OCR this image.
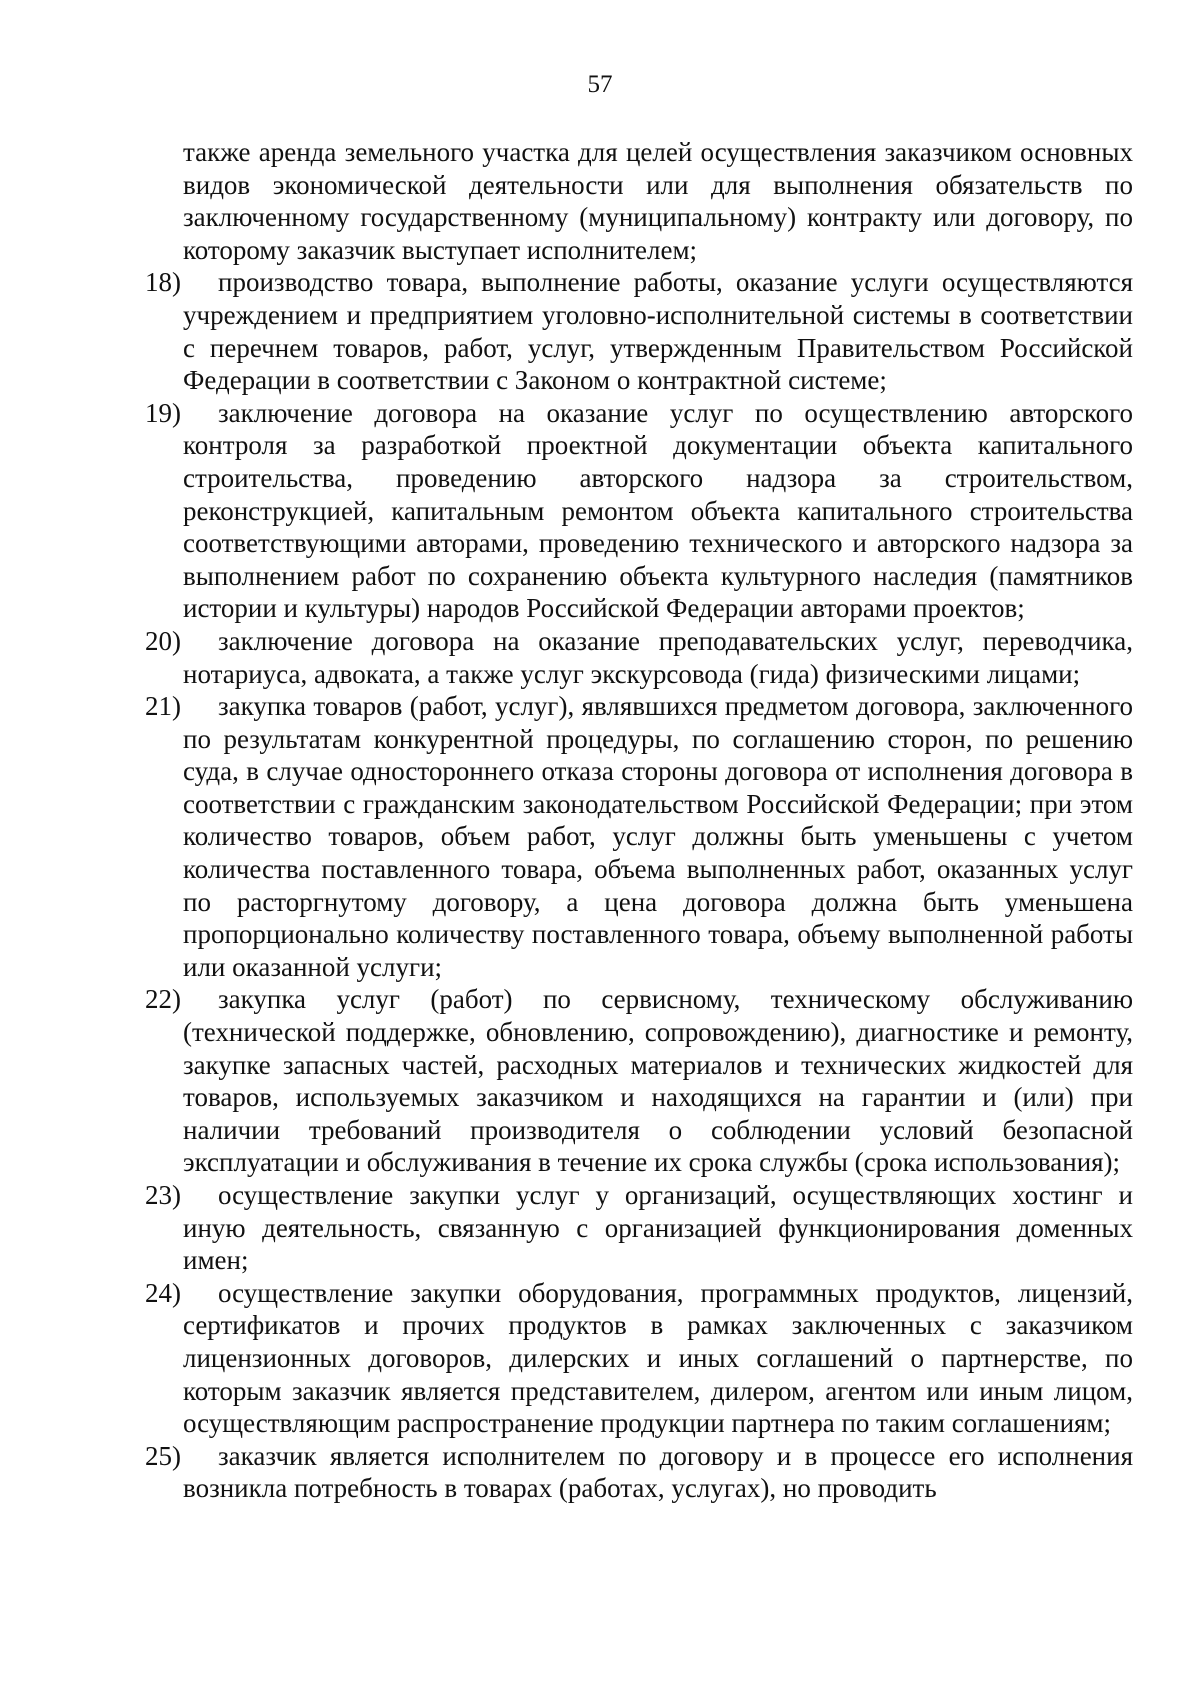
57

также аренда земельного участка для целей осуществления заказчиком основных видов экономической деятельности или для выполнения обязательств по заключенному государственному (муниципальному) контракту или договору, по которому заказчик выступает исполнителем;

18)	производство товара, выполнение работы, оказание услуги осуществляются учреждением и предприятием уголовно-исполнительной системы в соответствии с перечнем товаров, работ, услуг, утвержденным Правительством Российской Федерации в соответствии с Законом о контрактной системе;
19)	заключение договора на оказание услуг по осуществлению авторского контроля за разработкой проектной документации объекта капитального строительства, проведению авторского надзора за строительством, реконструкцией, капитальным ремонтом объекта капитального строительства соответствующими авторами, проведению технического и авторского надзора за выполнением работ по сохранению объекта культурного наследия (памятников истории и культуры) народов Российской Федерации авторами проектов;
20)	заключение договора на оказание преподавательских услуг, переводчика, нотариуса, адвоката, а также услуг экскурсовода (гида) физическими лицами;
21)	закупка товаров (работ, услуг), являвшихся предметом договора, заключенного по результатам конкурентной процедуры, по соглашению сторон, по решению суда, в случае одностороннего отказа стороны договора от исполнения договора в соответствии с гражданским законодательством Российской Федерации; при этом количество товаров, объем работ, услуг должны быть уменьшены с учетом количества поставленного товара, объема выполненных работ, оказанных услуг по расторгнутому договору, а цена договора должна быть уменьшена пропорционально количеству поставленного товара, объему выполненной работы или оказанной услуги;
22)	закупка услуг (работ) по сервисному, техническому обслуживанию (технической поддержке, обновлению, сопровождению), диагностике и ремонту, закупке запасных частей, расходных материалов и технических жидкостей для товаров, используемых заказчиком и находящихся на гарантии и (или) при наличии требований производителя о соблюдении условий безопасной эксплуатации и обслуживания в течение их срока службы (срока использования);
23)	осуществление закупки услуг у организаций, осуществляющих хостинг и иную деятельность, связанную с организацией функционирования доменных имен;
24)	осуществление закупки оборудования, программных продуктов, лицензий, сертификатов и прочих продуктов в рамках заключенных с заказчиком лицензионных договоров, дилерских и иных соглашений о партнерстве, по которым заказчик является представителем, дилером, агентом или иным лицом, осуществляющим распространение продукции партнера по таким соглашениям;
25)	заказчик является исполнителем по договору и в процессе его исполнения возникла потребность в товарах (работах, услугах), но проводить
